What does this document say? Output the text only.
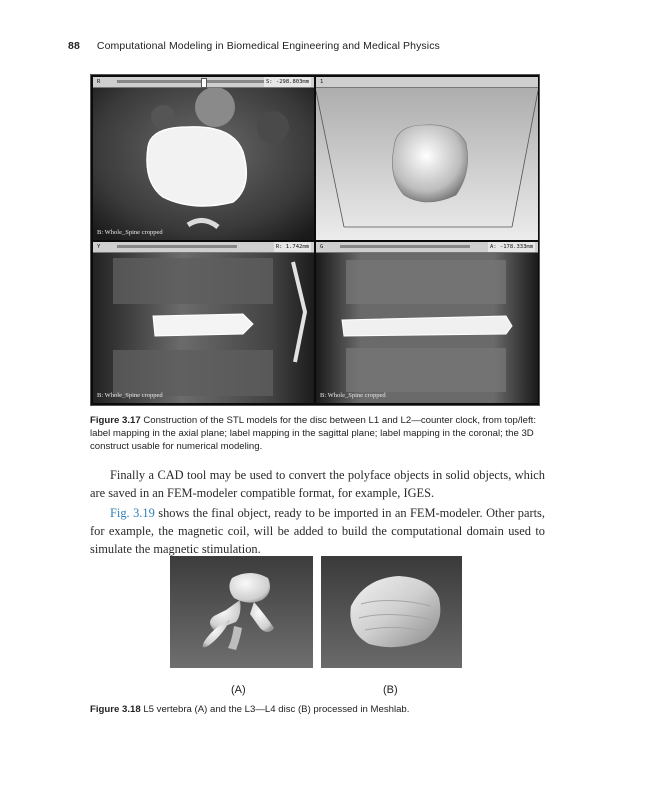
88 Computational Modeling in Biomedical Engineering and Medical Physics
R	S: -298.803mm
B: Whole_Spine cropped
1
Y	R: 1.742mm
B: Whole_Spine cropped
G	A: -178.333mm
B: Whole_Spine cropped
Figure 3.17 Construction of the STL models for the disc between L1 and L2—counter clock, from top/left: label mapping in the axial plane; label mapping in the sagittal plane; label mapping in the coronal; the 3D construct usable for numerical modeling.
Finally a CAD tool may be used to convert the polyface objects in solid objects, which are saved in an FEM-modeler compatible format, for example, IGES.
Fig. 3.19 shows the final object, ready to be imported in an FEM-modeler. Other parts, for example, the magnetic coil, will be added to build the computational domain used to simulate the magnetic stimulation.
(A)	(B)
Figure 3.18 L5 vertebra (A) and the L3—L4 disc (B) processed in Meshlab.
